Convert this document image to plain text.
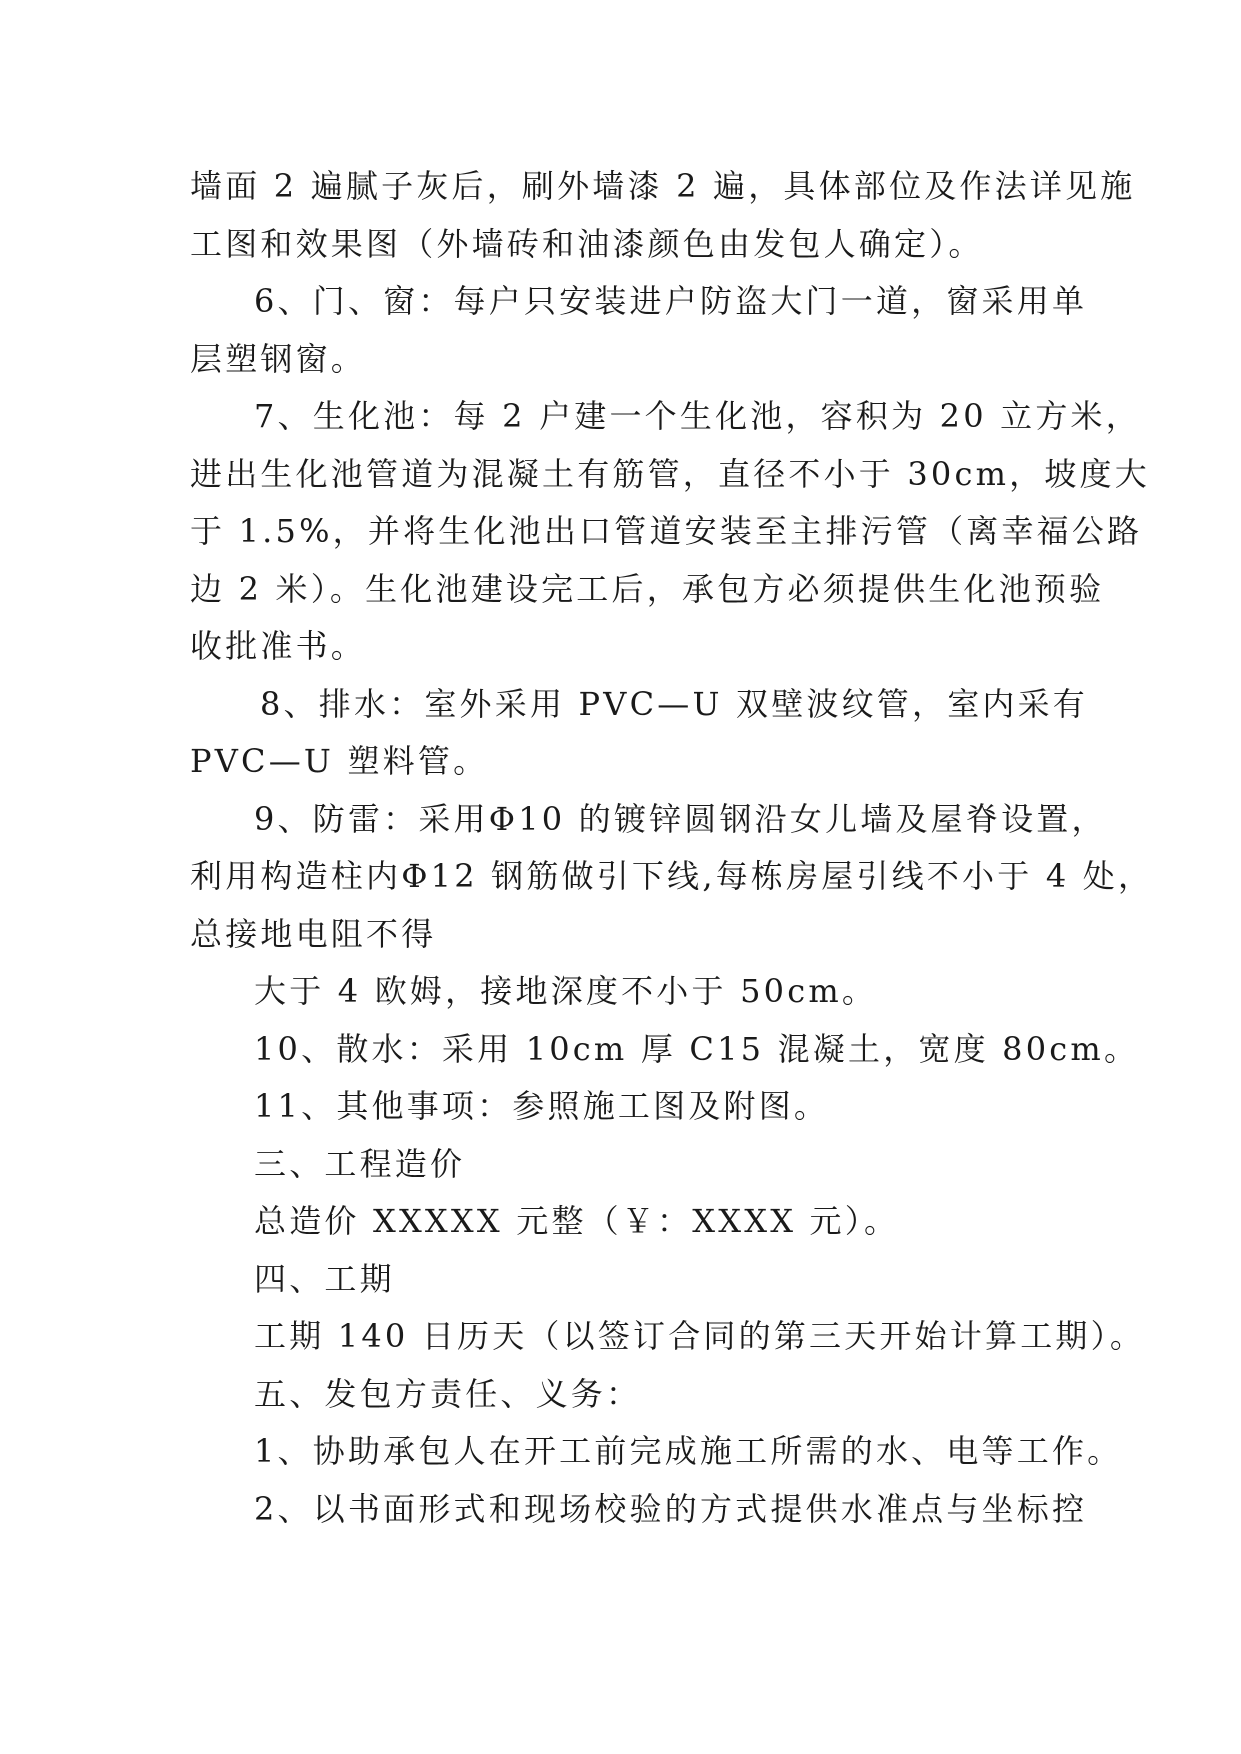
墙面 2 遍腻子灰后，刷外墙漆 2 遍，具体部位及作法详见施
工图和效果图（外墙砖和油漆颜色由发包人确定）。
6、门、窗：每户只安装进户防盗大门一道，窗采用单
层塑钢窗。
7、生化池：每 2 户建一个生化池，容积为 20 立方米，
进出生化池管道为混凝土有筋管，直径不小于 30cm，坡度大
于 1.5%，并将生化池出口管道安装至主排污管（离幸福公路
边 2 米）。生化池建设完工后，承包方必须提供生化池预验
收批准书。
8、排水：室外采用 PVC—U 双壁波纹管，室内采有
PVC—U 塑料管。
9、防雷：采用Φ10 的镀锌圆钢沿女儿墙及屋脊设置，
利用构造柱内Φ12 钢筋做引下线,每栋房屋引线不小于 4 处，
总接地电阻不得
大于 4 欧姆，接地深度不小于 50cm。
10、散水：采用 10cm 厚 C15 混凝土，宽度 80cm。
11、其他事项：参照施工图及附图。
三、工程造价
总造价 XXXXX 元整（￥：XXXX 元）。
四、工期
工期 140 日历天（以签订合同的第三天开始计算工期）。
五、发包方责任、义务：
1、协助承包人在开工前完成施工所需的水、电等工作。
2、以书面形式和现场校验的方式提供水准点与坐标控
